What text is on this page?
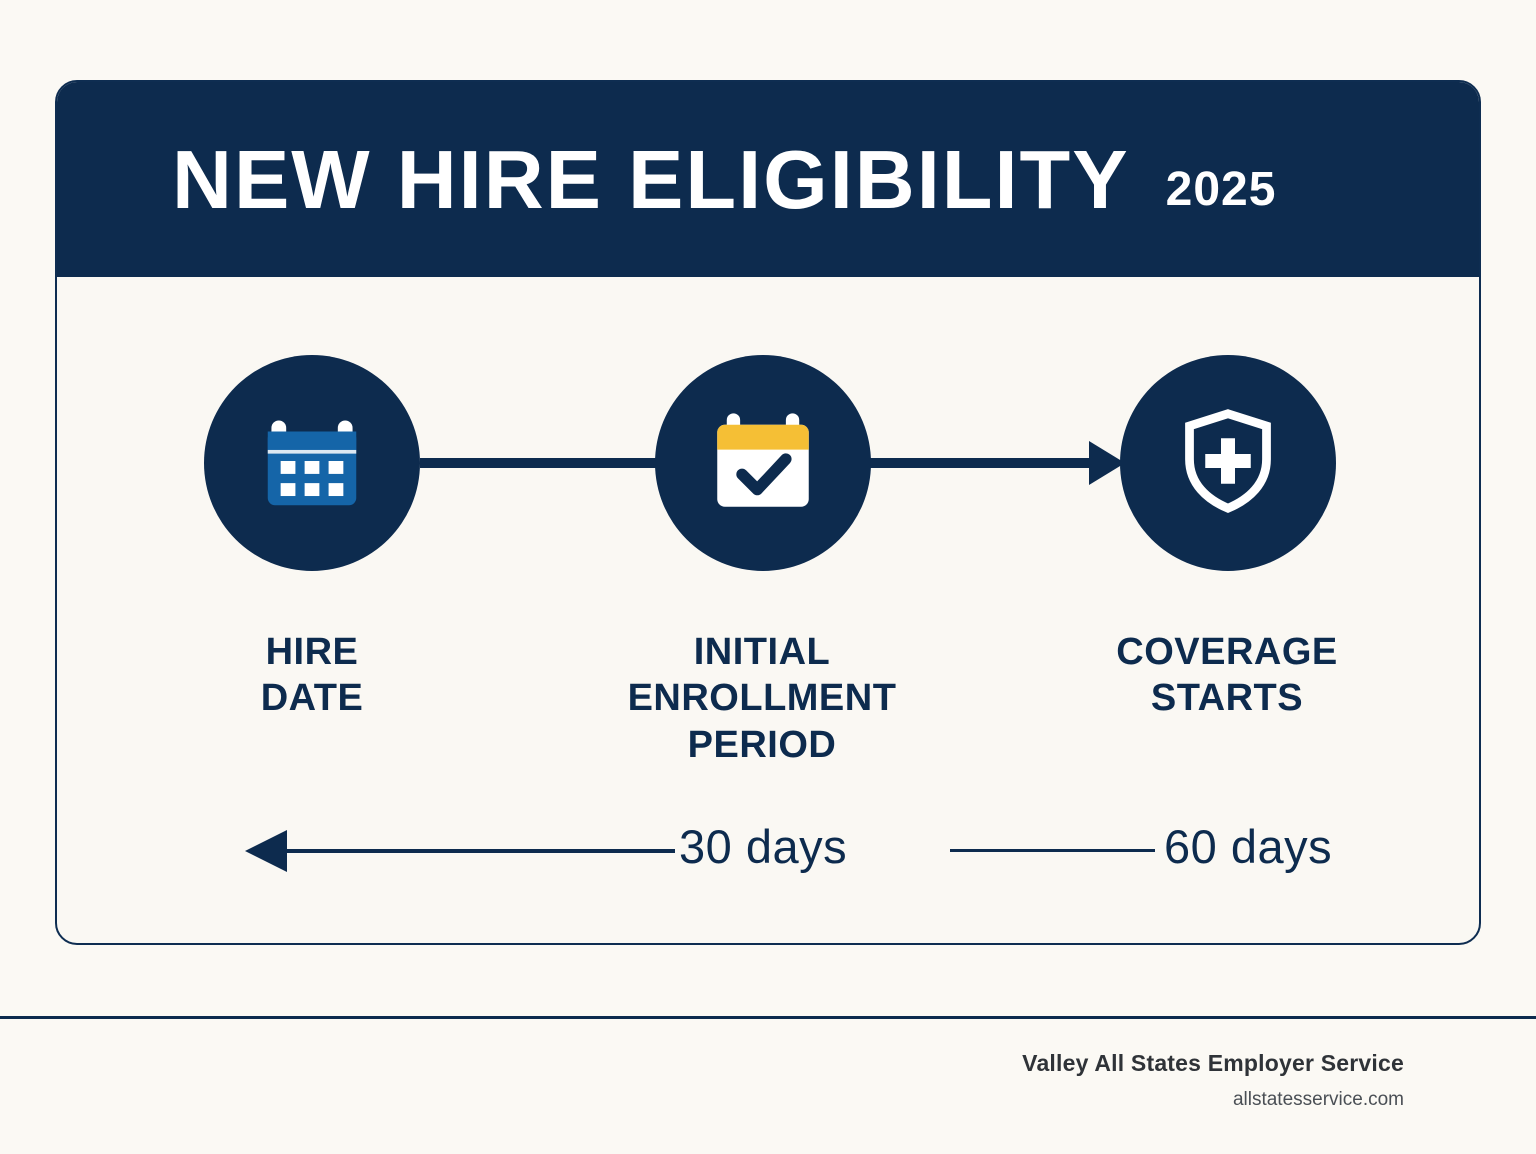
NEW HIRE ELIGIBILITY 2025
HIRE
DATE
INITIAL
ENROLLMENT
PERIOD
COVERAGE
STARTS
30 days	60 days
Valley All States Employer Service
allstatesservice.com
